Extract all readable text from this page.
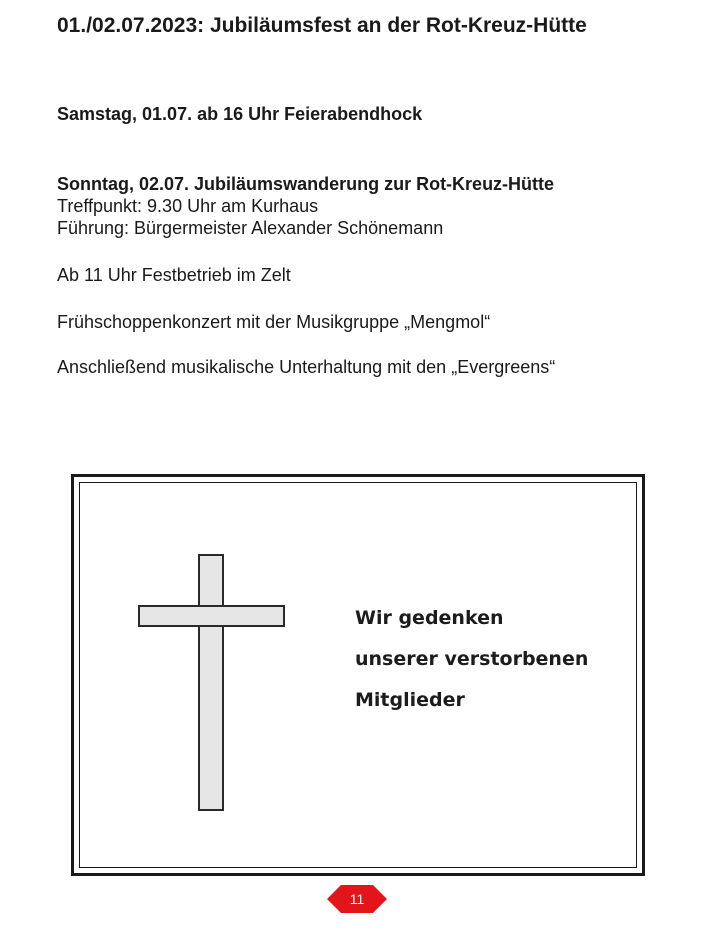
01./02.07.2023: Jubiläumsfest an der Rot-Kreuz-Hütte
Samstag, 01.07. ab 16 Uhr Feierabendhock
Sonntag, 02.07. Jubiläumswanderung zur Rot-Kreuz-Hütte
Treffpunkt: 9.30 Uhr am Kurhaus
Führung: Bürgermeister Alexander Schönemann
Ab 11 Uhr Festbetrieb im Zelt
Frühschoppenkonzert mit der Musikgruppe „Mengmol“
Anschließend musikalische Unterhaltung mit den „Evergreens“
Wir gedenken
unserer verstorbenen
Mitglieder
11
